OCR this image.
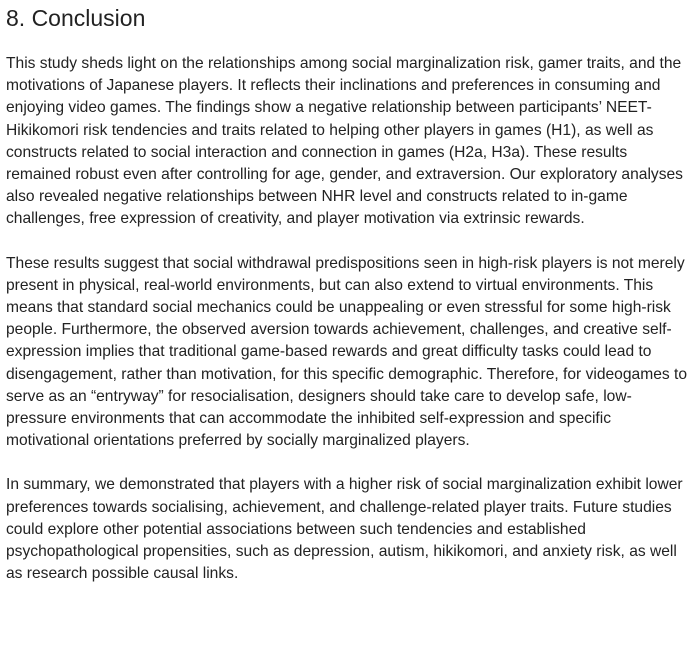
8. Conclusion

This study sheds light on the relationships among social marginalization risk, gamer traits, and the motivations of Japanese players. It reflects their inclinations and preferences in consuming and enjoying video games. The findings show a negative relationship between participants’ NEET-Hikikomori risk tendencies and traits related to helping other players in games (H1), as well as constructs related to social interaction and connection in games (H2a, H3a). These results remained robust even after controlling for age, gender, and extraversion. Our exploratory analyses also revealed negative relationships between NHR level and constructs related to in-game challenges, free expression of creativity, and player motivation via extrinsic rewards.

These results suggest that social withdrawal predispositions seen in high-risk players is not merely present in physical, real-world environments, but can also extend to virtual environments. This means that standard social mechanics could be unappealing or even stressful for some high-risk people. Furthermore, the observed aversion towards achievement, challenges, and creative self-expression implies that traditional game-based rewards and great difficulty tasks could lead to disengagement, rather than motivation, for this specific demographic. Therefore, for videogames to serve as an “entryway” for resocialisation, designers should take care to develop safe, low-pressure environments that can accommodate the inhibited self-expression and specific motivational orientations preferred by socially marginalized players.

In summary, we demonstrated that players with a higher risk of social marginalization exhibit lower preferences towards socialising, achievement, and challenge-related player traits. Future studies could explore other potential associations between such tendencies and established psychopathological propensities, such as depression, autism, hikikomori, and anxiety risk, as well as research possible causal links.
